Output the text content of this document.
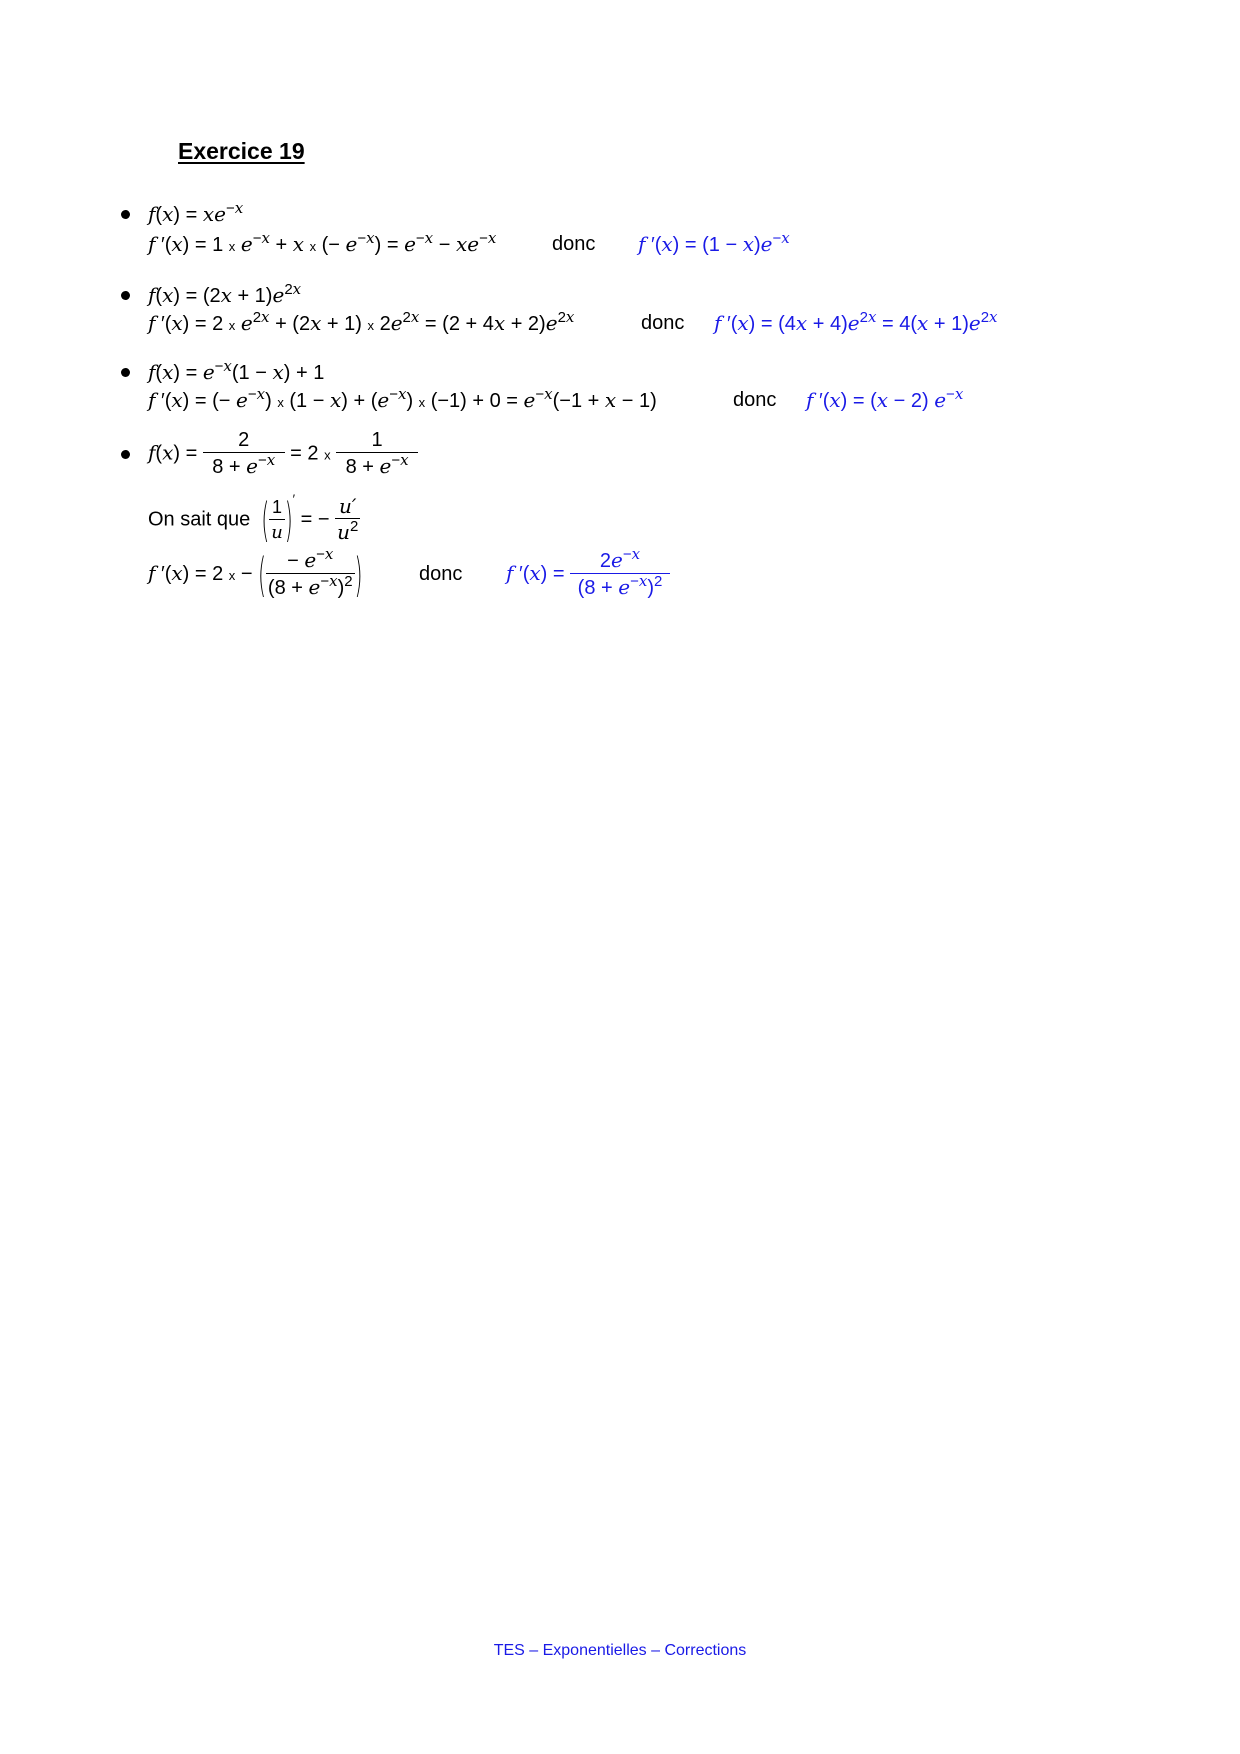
Exercice 19
$f(x) = xe^{-x}$
f ′(x) = 1 x $e^{-x} + x$ x (− $e^{-x}) = e^{-x} - xe^{-x}$	donc f $'(x) = (1 - x)e^{-x}$
$f(x) = (2x + 1)e^{2x}$
f ′(x) = 2 x $e^{2x} + (2x + 1)$ x $2e^{2x} = (2 + 4x + 2)e^{2x}$	donc f $'(x) = (4x + 4)e^{2x} = 4(x + 1)e^{2x}$
$f(x) = e^{-x}(1 - x) + 1$
f ′(x) = (− $e^{-x}$) x $(1 - x) + (e^{-x})$ x $(-1) + 0 = e^{-x}(-1 + x - 1)$	donc f ′(x) = (x − 2) $e^{-x}$
$f(x) = \frac{2}{8 + e^{-x}} = 2$ x $\frac{1}{8 + e^{-x}}$
On sait que ( $\frac{1}{u} )'$ = − $\frac{u'}{u^2}$
f ′(x) = 2 x − ( $\frac{- e^{-x}}{(8 + e^{-x})^2}$ )	donc f $'(x) = \frac{2e^{-x}}{(8 + e^{-x})^2}$
TES – Exponentielles – Corrections
